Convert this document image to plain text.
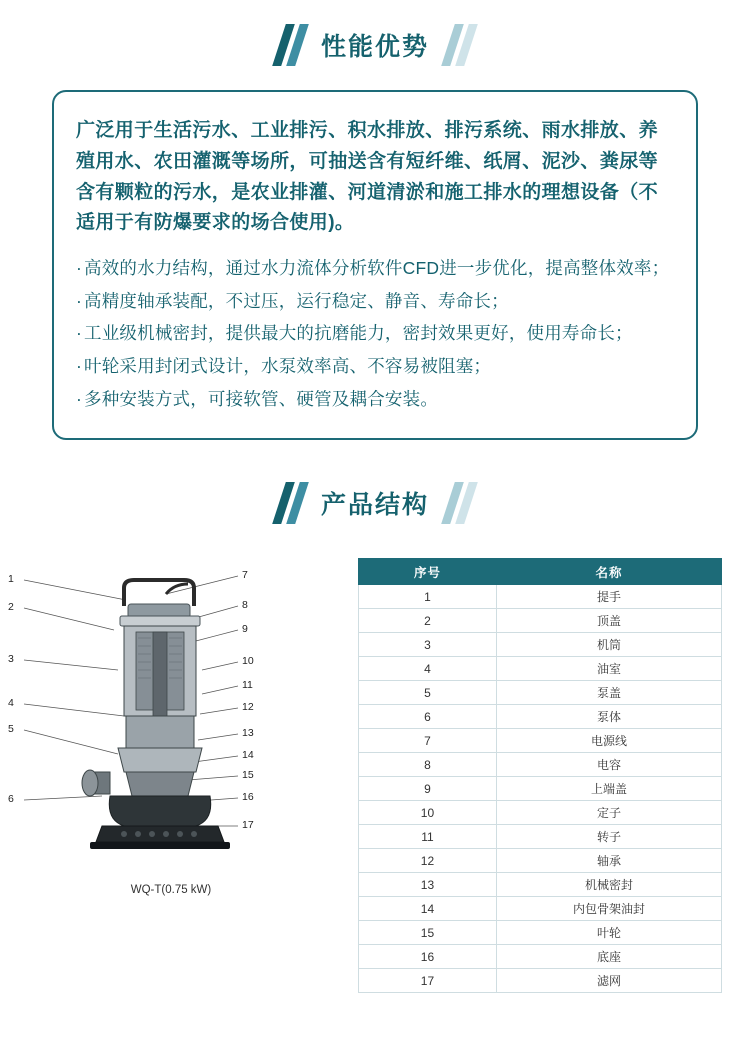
性能优势

广泛用于生活污水、工业排污、积水排放、排污系统、雨水排放、养殖用水、农田灌溉等场所，可抽送含有短纤维、纸屑、泥沙、粪尿等含有颗粒的污水，是农业排灌、河道清淤和施工排水的理想设备（不适用于有防爆要求的场合使用)。

· 高效的水力结构，通过水力流体分析软件CFD进一步优化，提高整体效率；
· 高精度轴承装配，不过压，运行稳定、静音、寿命长；
· 工业级机械密封，提供最大的抗磨能力，密封效果更好，使用寿命长；
· 叶轮采用封闭式设计，水泵效率高、不容易被阻塞；
· 多种安装方式，可接软管、硬管及耦合安装。
产品结构
1
2
3
4
5
6
7
8
9
10
11
12
13
14
15
16
17
WQ-T(0.75 kW)
序号	名称
1	提手
2	顶盖
3	机筒
4	油室
5	泵盖
6	泵体
7	电源线
8	电容
9	上端盖
10	定子
11	转子
12	轴承
13	机械密封
14	内包骨架油封
15	叶轮
16	底座
17	滤网
